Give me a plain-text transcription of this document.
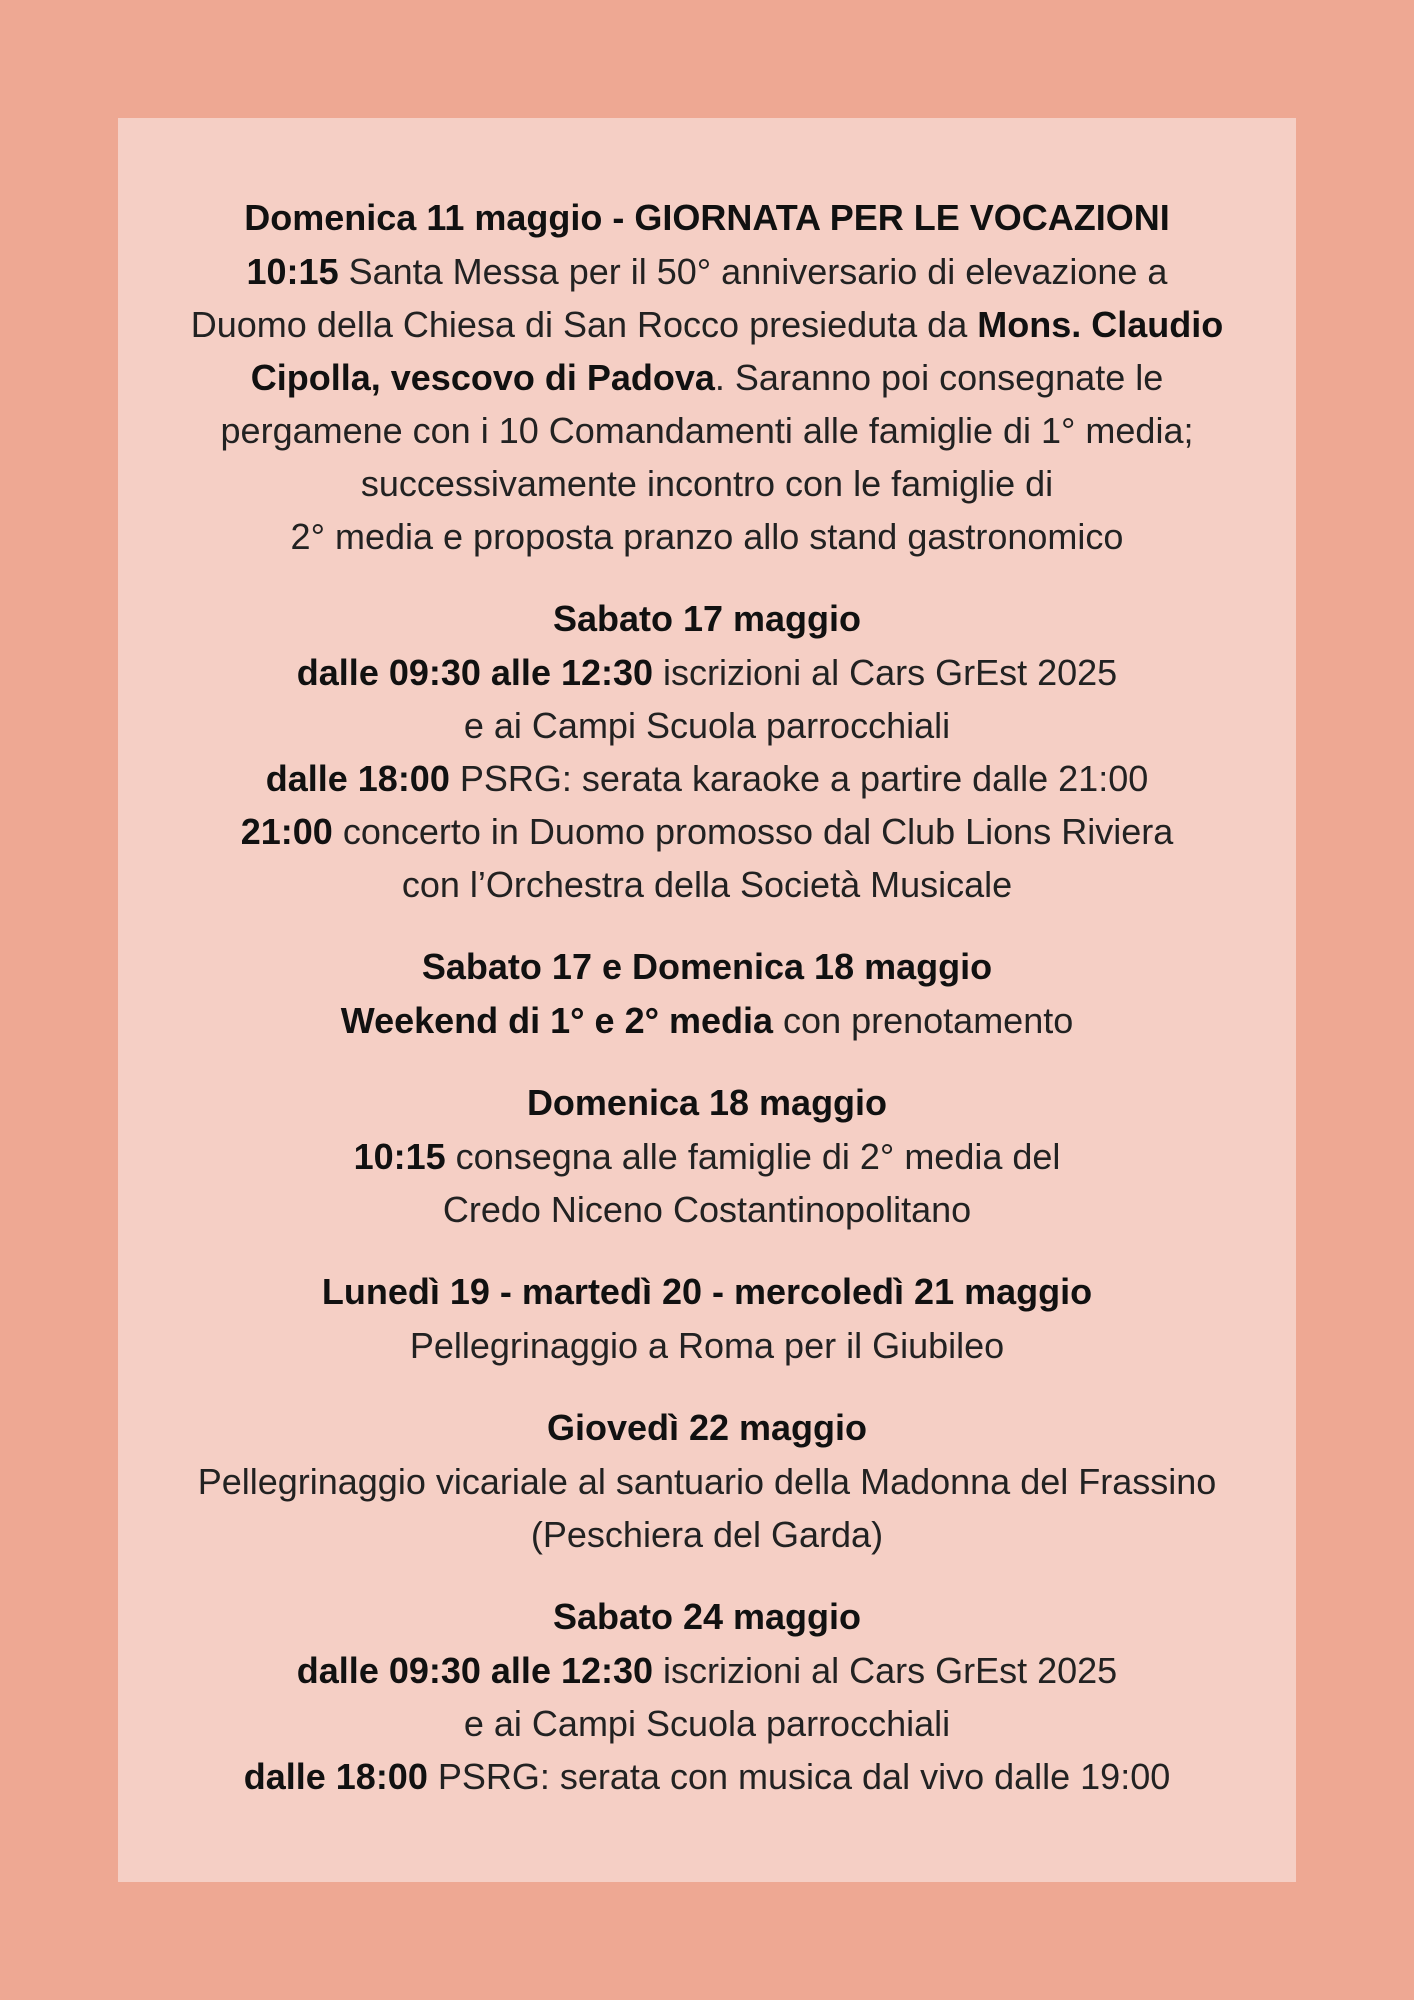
Domenica 11 maggio - GIORNATA PER LE VOCAZIONI
10:15 Santa Messa per il 50° anniversario di elevazione a
Duomo della Chiesa di San Rocco presieduta da Mons. Claudio
Cipolla, vescovo di Padova. Saranno poi consegnate le
pergamene con i 10 Comandamenti alle famiglie di 1° media;
successivamente incontro con le famiglie di
2° media e proposta pranzo allo stand gastronomico
Sabato 17 maggio
dalle 09:30 alle 12:30 iscrizioni al Cars GrEst 2025
e ai Campi Scuola parrocchiali
dalle 18:00 PSRG: serata karaoke a partire dalle 21:00
21:00 concerto in Duomo promosso dal Club Lions Riviera
con l’Orchestra della Società Musicale
Sabato 17 e Domenica 18 maggio
Weekend di 1° e 2° media con prenotamento
Domenica 18 maggio
10:15 consegna alle famiglie di 2° media del
Credo Niceno Costantinopolitano
Lunedì 19 - martedì 20 - mercoledì 21 maggio
Pellegrinaggio a Roma per il Giubileo
Giovedì 22 maggio
Pellegrinaggio vicariale al santuario della Madonna del Frassino
(Peschiera del Garda)
Sabato 24 maggio
dalle 09:30 alle 12:30 iscrizioni al Cars GrEst 2025
e ai Campi Scuola parrocchiali
dalle 18:00 PSRG: serata con musica dal vivo dalle 19:00
